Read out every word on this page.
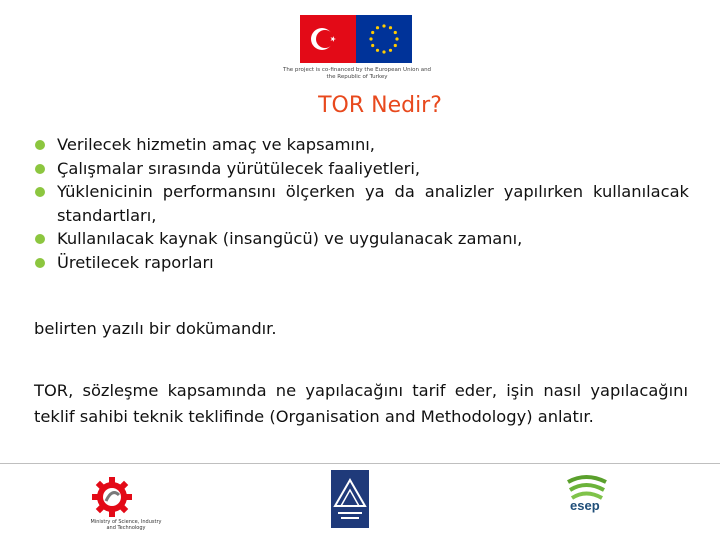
The project is co-financed by the European Union and
the Republic of Turkey
TOR Nedir?
Verilecek hizmetin amaç ve kapsamını,
Çalışmalar sırasında yürütülecek faaliyetleri,
Yüklenicinin performansını ölçerken ya da analizler yapılırken kullanılacak standartları,
Kullanılacak kaynak (insangücü) ve uygulanacak zamanı,
Üretilecek raporları
belirten yazılı bir dokümandır.

TOR, sözleşme kapsamında ne yapılacağını tarif eder, işin nasıl yapılacağını teklif sahibi teknik teklifinde (Organisation and Methodology) anlatır.

Ministry of Science, Industry
and Technology
esep
